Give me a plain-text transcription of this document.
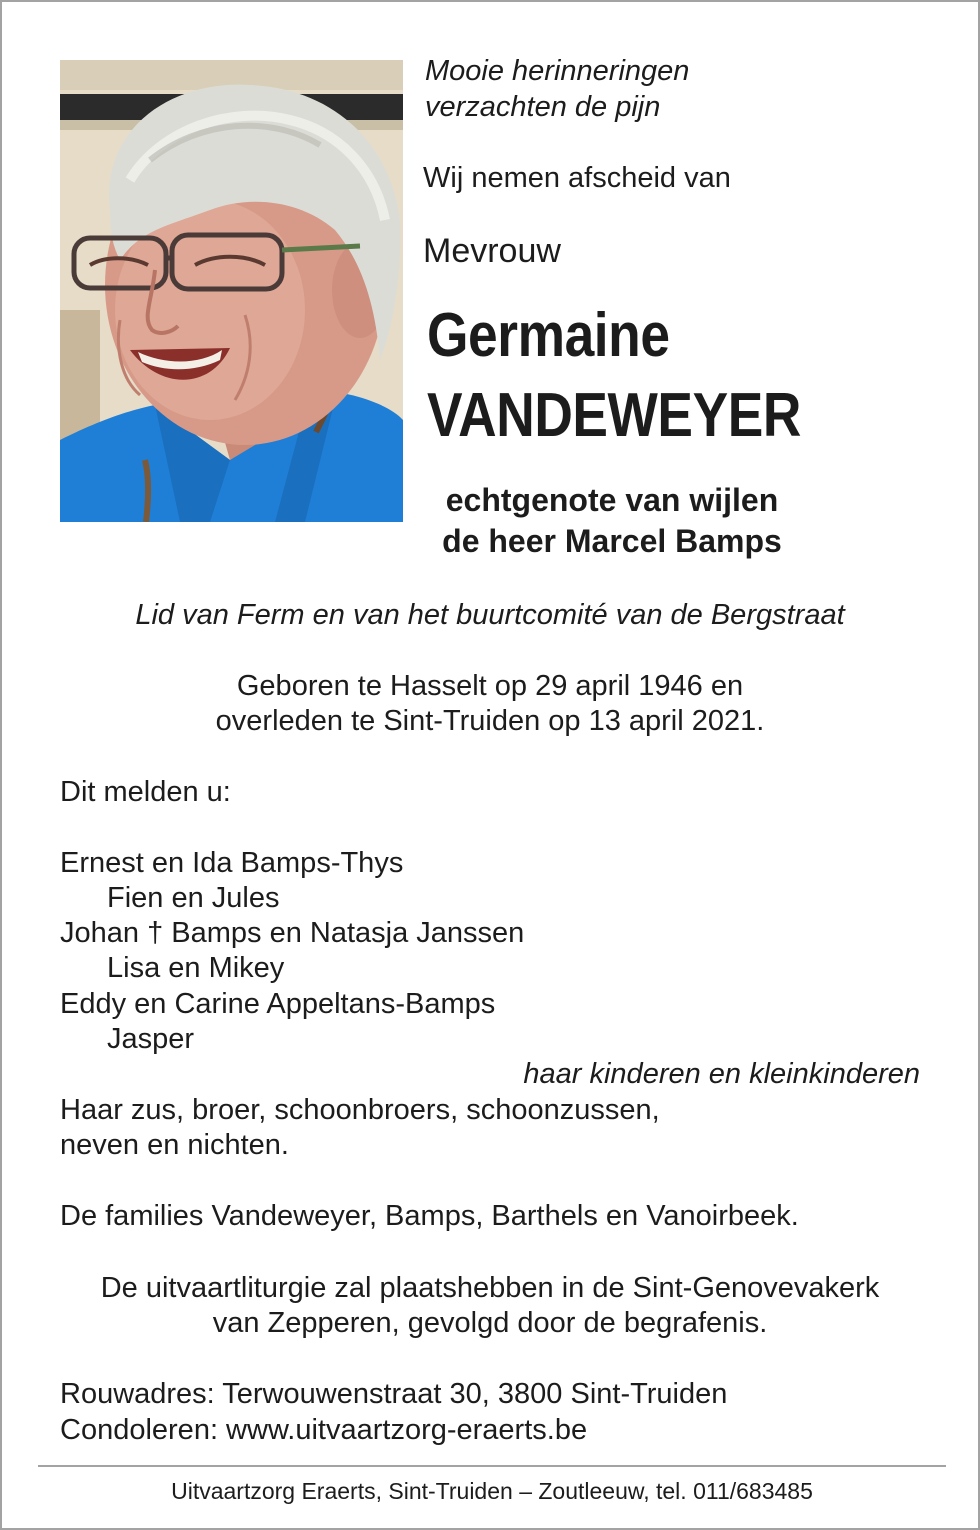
Mooie herinneringen
verzachten de pijn
Wij nemen afscheid van
Mevrouw
Germaine
VANDEWEYER
echtgenote van wijlen
de heer Marcel Bamps
Lid van Ferm en van het buurtcomité van de Bergstraat
Geboren te Hasselt op 29 april 1946 en
overleden te Sint-Truiden op 13 april 2021.
Dit melden u:
Ernest en Ida Bamps-Thys
Fien en Jules
Johan † Bamps en Natasja Janssen
Lisa en Mikey
Eddy en Carine Appeltans-Bamps
Jasper
haar kinderen en kleinkinderen
Haar zus, broer, schoonbroers, schoonzussen,
neven en nichten.
De families Vandeweyer, Bamps, Barthels en Vanoirbeek.
De uitvaartliturgie zal plaatshebben in de Sint-Genovevakerk
van Zepperen, gevolgd door de begrafenis.
Rouwadres: Terwouwenstraat 30, 3800 Sint-Truiden
Condoleren: www.uitvaartzorg-eraerts.be
Uitvaartzorg Eraerts, Sint-Truiden – Zoutleeuw, tel. 011/683485
